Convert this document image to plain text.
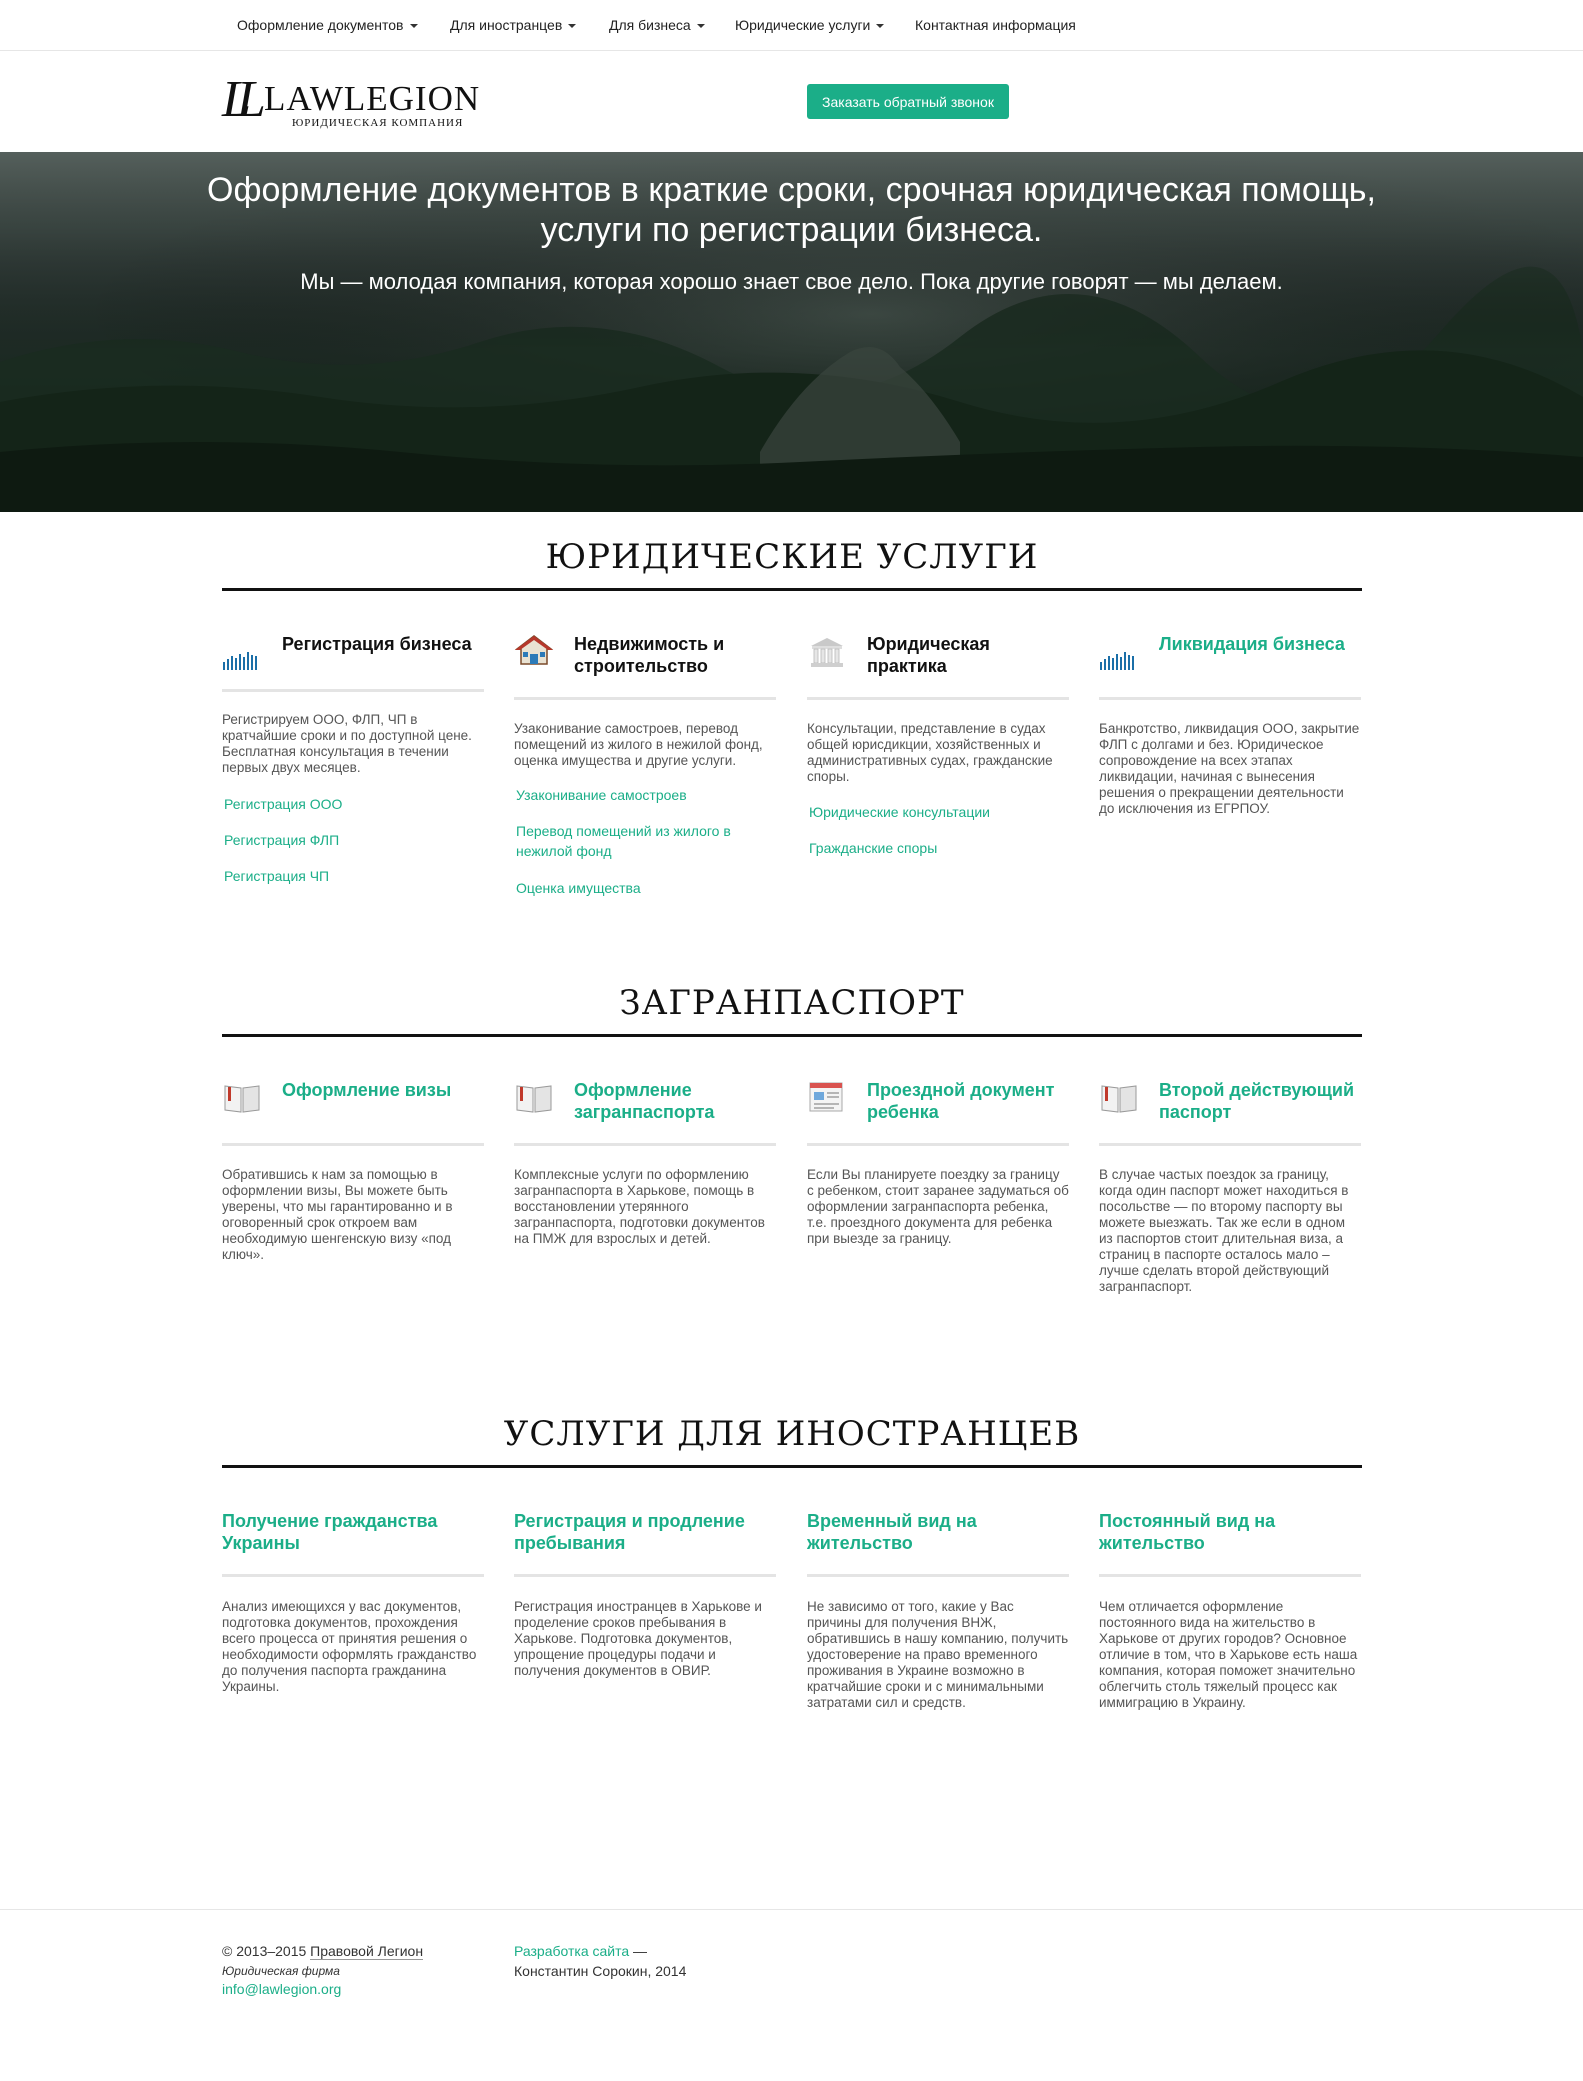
Оформление документов	Для иностранцев	Для бизнеса	Юридические услуги	Контактная информация
LL LAWLEGION
ЮРИДИЧЕСКАЯ КОМПАНИЯ
Заказать обратный звонок
Оформление документов в краткие сроки, срочная юридическая помощь, услуги по регистрации бизнеса.
Мы — молодая компания, которая хорошо знает свое дело. Пока другие говорят — мы делаем.
ЮРИДИЧЕСКИЕ УСЛУГИ
Регистрация бизнеса
Регистрируем ООО, ФЛП, ЧП в кратчайшие сроки и по доступной цене. Бесплатная консультация в течении первых двух месяцев.
Регистрация ООО
Регистрация ФЛП
Регистрация ЧП
Недвижимость и строительство
Узаконивание самостроев, перевод помещений из жилого в нежилой фонд, оценка имущества и другие услуги.
Узаконивание самостроев
Перевод помещений из жилого в нежилой фонд
Оценка имущества
Юридическая практика
Консультации, представление в судах общей юрисдикции, хозяйственных и административных судах, гражданские споры.
Юридические консультации
Гражданские споры
Ликвидация бизнеса
Банкротство, ликвидация ООО, закрытие ФЛП с долгами и без. Юридическое сопровождение на всех этапах ликвидации, начиная с вынесения решения о прекращении деятельности до исключения из ЕГРПОУ.
ЗАГРАНПАСПОРТ
Оформление визы
Обратившись к нам за помощью в оформлении визы, Вы можете быть уверены, что мы гарантированно и в оговоренный срок откроем вам необходимую шенгенскую визу «под ключ».
Оформление загранпаспорта
Комплексные услуги по оформлению загранпаспорта в Харькове, помощь в восстановлении утерянного загранпаспорта, подготовки документов на ПМЖ для взрослых и детей.
Проездной документ ребенка
Если Вы планируете поездку за границу с ребенком, стоит заранее задуматься об оформлении загранпаспорта ребенка, т.е. проездного документа для ребенка при выезде за границу.
Второй действующий паспорт
В случае частых поездок за границу, когда один паспорт может находиться в посольстве — по второму паспорту вы можете выезжать. Так же если в одном из паспортов стоит длительная виза, а страниц в паспорте осталось мало – лучше сделать второй действующий загранпаспорт.
УСЛУГИ ДЛЯ ИНОСТРАНЦЕВ
Получение гражданства Украины
Анализ имеющихся у вас документов, подготовка документов, прохождения всего процесса от принятия решения о необходимости оформлять гражданство до получения паспорта гражданина Украины.
Регистрация и продление пребывания
Регистрация иностранцев в Харькове и проделение сроков пребывания в Харькове. Подготовка документов, упрощение процедуры подачи и получения документов в ОВИР.
Временный вид на жительство
Не зависимо от того, какие у Вас причины для получения ВНЖ, обратившись в нашу компанию, получить удостоверение на право временного проживания в Украине возможно в кратчайшие сроки и с минимальными затратами сил и средств.
Постоянный вид на жительство
Чем отличается оформление постоянного вида на жительство в Харькове от других городов? Основное отличие в том, что в Харькове есть наша компания, которая поможет значительно облегчить столь тяжелый процесс как иммиграцию в Украину.
© 2013–2015 Правовой Легион
Юридическая фирма
info@lawlegion.org
Разработка сайта —
Константин Сорокин, 2014
